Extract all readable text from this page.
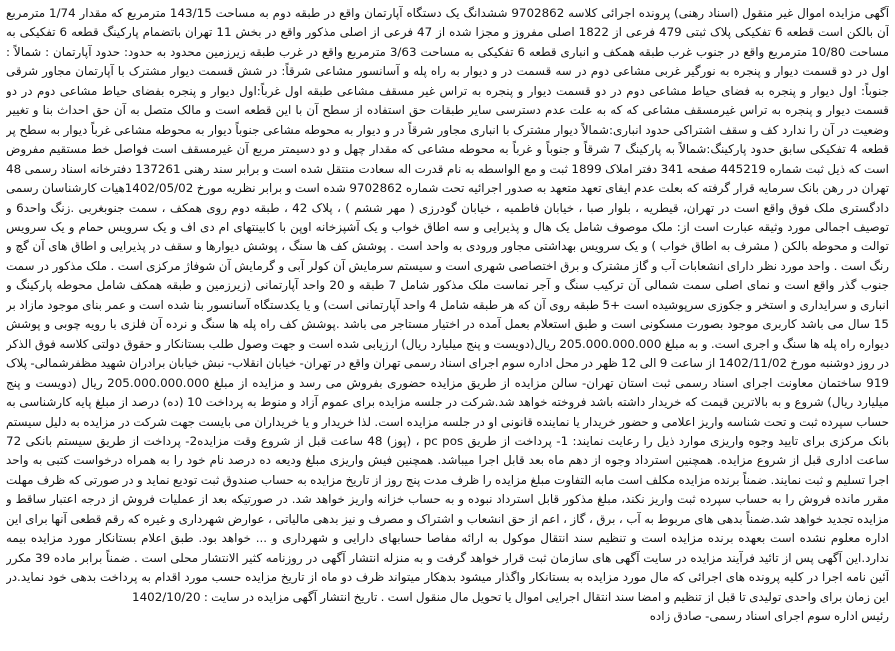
آگهی مزایده اموال غیر منقول (اسناد رهنی) پرونده اجرائی کلاسه 9702862 ششدانگ یک دستگاه آپارتمان واقع در طبقه دوم به مساحت 143/15 مترمربع که مقدار 1/74 مترمربع آن بالکن است قطعه 6 تفکیکی پلاک ثبتی 479 فرعی از 1822 اصلی مفروز و مجزا شده از 47 فرعی از اصلی مذکور واقع در بخش 11 تهران باتضمام پارکینگ قطعه 6 تفکیکی به مساحت 10/80 مترمربع واقع در جنوب غرب طبقه همکف و انباری قطعه 6 تفکیکی به مساحت 3/63 مترمربع واقع در غرب طبقه زیرزمین محدود به حدود: حدود آپارتمان : شمالاً : اول در دو قسمت دیوار و پنجره به نورگیر غربی مشاعی دوم در سه قسمت در و دیوار به راه پله و آسانسور مشاعی شرقاً: در شش قسمت دیوار مشترک با آپارتمان مجاور شرقی جنوباً: اول دیوار و پنجره به فضای حیاط مشاعی دوم در دو قسمت دیوار و پنجره به تراس غیر مسقف مشاعی طبقه اول غرباً:اول دیوار و پنجره بفضای حیاط مشاعی دوم در دو قسمت دیوار و پنجره به تراس غیرمسقف مشاعی که که به علت عدم دسترسی سایر طبقات حق استفاده از سطح آن با این قطعه است و مالک متصل به آن حق احداث بنا و تغییر وضعیت در آن را ندارد کف و سقف اشتراکی حدود انباری:شمالاً دیوار مشترک با انباری مجاور شرقاً در و دیوار به محوطه مشاعی جنوباً دیوار به محوطه مشاعی غرباً دیوار به سطح پر قطعه 4 تفکیکی سابق حدود پارکینگ:شمالاً به پارکینگ 7 شرقاً و جنوباً و غرباً به محوطه مشاعی که مقدار چهل و دو دسیمتر مربع آن غیرمسقف است فواصل خط مستقیم مفروض است که ذیل ثبت شماره 445219 صفحه 341 دفتر املاک 1899 ثبت و مع الواسطه به نام قدرت اله سعادت منتقل شده است و برابر سند رهنی 137261 دفترخانه اسناد رسمی 48 تهران در رهن بانک سرمایه قرار گرفته که بعلت عدم ایفای تعهد متعهد به صدور اجرائیه تحت شماره 9702862 شده است و برابر نظریه مورخ 1402/05/02هیات کارشناسان رسمی دادگستری ملک فوق واقع است در تهران، قیطریه ، بلوار صبا ، خیابان فاطمیه ، خیابان گودرزی ( مهر ششم ) ، پلاک 42 ، طبقه دوم روی همکف ، سمت جنوبغربی .زنگ واحد6 و توصیف اجمالی مورد وثیقه عبارت است از: ملک موصوف شامل یک هال و پذیرایی و سه اطاق خواب و یک آشپزخانه اوپن با کابینتهای ام دی اف و یک سرویس حمام و یک سرویس توالت و محوطه بالکن ( مشرف به اطاق خواب ) و یک سرویس بهداشتی مجاور ورودی به واحد است . پوشش کف ها سنگ ، پوشش دیوارها و سقف در پذیرایی و اطاق های آن گچ و رنگ است . واحد مورد نظر دارای انشعابات آب و گاز مشترک و برق اختصاصی شهری است و سیستم سرمایش آن کولر آبی و گرمایش آن شوفاژ مرکزی است . ملک مذکور در سمت جنوب گذر واقع است و نمای اصلی سمت شمالی آن ترکیب سنگ و آجر نماست ملک مذکور شامل 7 طبقه و 20 واحد آپارتمانی (زیرزمین و طبقه همکف شامل محوطه پارکینگ و انباری و سرایداری و استخر و جکوزی سرپوشیده است +5 طبقه روی آن که هر طبقه شامل 4 واحد آپارتمانی است) و یا یکدستگاه آسانسور بنا شده است و عمر بنای موجود مازاد بر 15 سال می باشد کاربری موجود بصورت مسکونی است و طبق استعلام بعمل آمده در اختیار مستاجر می باشد .پوشش کف راه پله ها سنگ و نرده آن فلزی با رویه چوبی و پوشش دیواره راه پله ها سنگ و اجری است. و به مبلغ 205.000.000.000 ریال(دویست و پنج میلیارد ریال) ارزیابی شده است و جهت وصول طلب بستانکار و حقوق دولتی کلاسه فوق الذکر در روز دوشنبه مورخ 1402/11/02 از ساعت 9 الی 12 ظهر در محل اداره سوم اجرای اسناد رسمی تهران واقع در تهران- خیابان انقلاب- نبش خیابان برادران شهید مظفرشمالی- پلاک 919 ساختمان معاونت اجرای اسناد رسمی ثبت استان تهران- سالن مزایده از طریق مزایده حضوری بفروش می رسد و مزایده از مبلغ 205.000.000.000 ریال (دویست و پنج میلیارد ریال) شروع و به بالاترین قیمت که خریدار داشته باشد فروخته خواهد شد.شرکت در جلسه مزایده برای عموم آزاد و منوط به پرداخت 10 (ده) درصد از مبلغ پایه کارشناسی به حساب سپرده ثبت و تحت شناسه واریز اعلامی و حضور خریدار یا نماینده قانونی او در جلسه مزایده است. لذا خریدار و یا خریداران می بایست جهت شرکت در مزایده به دلیل سیستم بانک مرکزی برای تایید وجوه واریزی موارد ذیل را رعایت نمایند: 1- پرداخت از طریق pc pos ، (پوز) 48 ساعت قبل از شروع وقت مزایده2- پرداخت از طریق سیستم بانکی 72 ساعت اداری قبل از شروع مزایده. همچنین استرداد وجوه از دهم ماه بعد قابل اجرا میباشد. همچنین فیش واریزی مبلغ ودیعه ده درصد نام خود را به همراه درخواست کتبی به واحد اجرا تسلیم و ثبت نمایند. ضمناً برنده مزایده مکلف است مابه التفاوت مبلغ مزایده را ظرف مدت پنج روز از تاریخ مزایده به حساب صندوق ثبت تودیع نماید و در صورتی که ظرف مهلت مقرر مانده فروش را به حساب سپرده ثبت واریز نکند، مبلغ مذکور قابل استرداد نبوده و به حساب خزانه واریز خواهد شد. در صورتیکه بعد از عملیات فروش از درجه اعتبار ساقط و مزایده تجدید خواهد شد.ضمناً بدهی های مربوط به آب ، برق ، گاز ، اعم از حق انشعاب و اشتراک و مصرف و نیز بدهی مالیاتی ، عوارض شهرداری و غیره که رقم قطعی آنها برای این اداره معلوم نشده است بعهده برنده مزایده است و تنظیم سند انتقال موکول به ارائه مفاصا حسابهای دارایی و شهرداری و ... خواهد بود. طبق اعلام بستانکار مورد مزایده بیمه ندارد.این آگهی پس از تائید فرآیند مزایده در سایت آگهی های سازمان ثبت قرار خواهد گرفت و به منزله انتشار آگهی در روزنامه کثیر الانتشار محلی است . ضمناً برابر ماده 39 مکرر آئین نامه اجرا در کلیه پرونده های اجرائی که مال مورد مزایده به بستانکار واگذار میشود بدهکار میتواند ظرف دو ماه از تاریخ مزایده حسب مورد اقدام به پرداخت بدهی خود نماید.در این زمان برای واحدی تولیدی تا قبل از تنظیم و امضا سند انتقال اجرایی اموال یا تحویل مال منقول است . تاریخ انتشار آگهی مزایده در سایت : 1402/10/20

رئیس اداره سوم اجرای اسناد رسمی- صادق زاده
